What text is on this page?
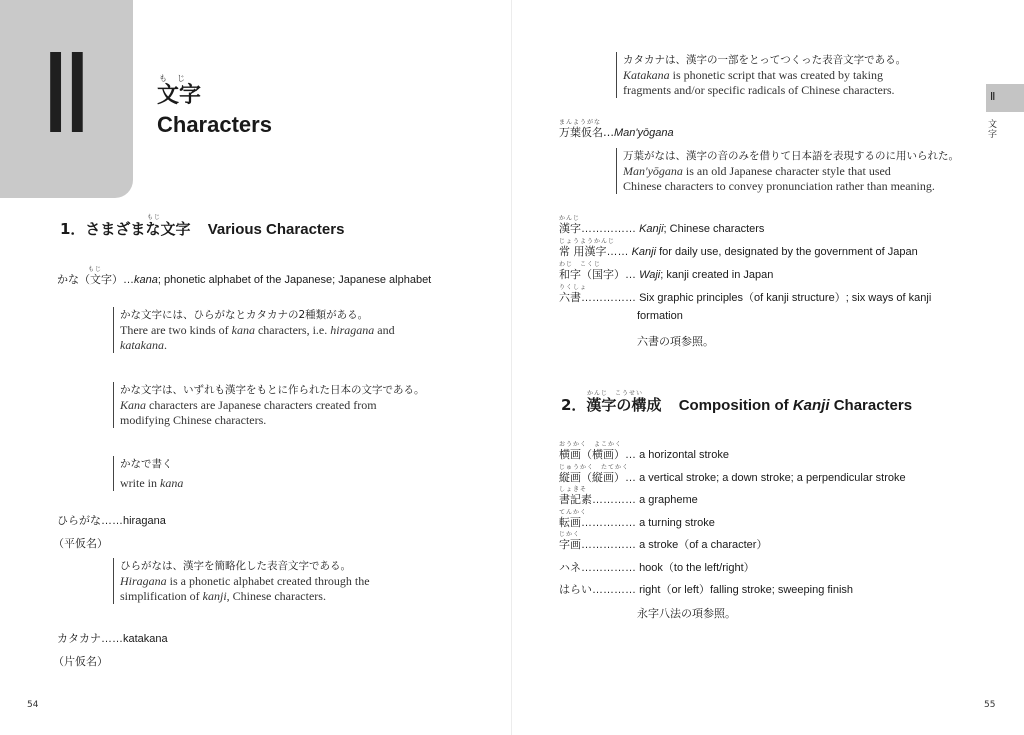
Ⅱ	もじ
文字
Characters
もじ
1．さまざまな文字 Various Characters
もじ
かな（文字）…kana; phonetic alphabet of the Japanese; Japanese alphabet
かな文字には、ひらがなとカタカナの2種類がある。
There are two kinds of kana characters, i.e. hiragana and
katakana.
かな文字は、いずれも漢字をもとに作られた日本の文字である。
Kana characters are Japanese characters created from
modifying Chinese characters.
かなで書く
write in kana
ひらがな……hiragana
（平仮名）
ひらがなは、漢字を簡略化した表音文字である。
Hiragana is a phonetic alphabet created through the
simplification of kanji, Chinese characters.
カタカナ……katakana
（片仮名）
54
カタカナは、漢字の一部をとってつくった表音文字である。
Katakana is phonetic script that was created by taking
fragments and/or specific radicals of Chinese characters.
まんようがな
万葉仮名…Man'yōgana
万葉がなは、漢字の音のみを借りて日本語を表現するのに用いられた。
Man'yōgana is an old Japanese character style that used
Chinese characters to convey pronunciation rather than meaning.
かんじ
漢字…………… Kanji; Chinese characters
じょうようかんじ
常 用漢字…… Kanji for daily use, designated by the government of Japan
わじ　こくじ
和字（国字）… Waji; kanji created in Japan
りくしょ
六書…………… Six graphic principles（of kanji structure）; six ways of kanji
formation
六書の項参照。
かんじ　こうせい
2．漢字の構成 Composition of Kanji Characters
おうかく　よこかく
横画（横画）… a horizontal stroke
じゅうかく　たてかく
縦画（縦画）… a vertical stroke; a down stroke; a perpendicular stroke
しょきそ
書記素………… a grapheme
てんかく
転画…………… a turning stroke
じかく
字画…………… a stroke（of a character）
ハネ…………… hook（to the left/right）
はらい………… right（or left）falling stroke; sweeping finish
永字八法の項参照。
Ⅱ
文字
55
